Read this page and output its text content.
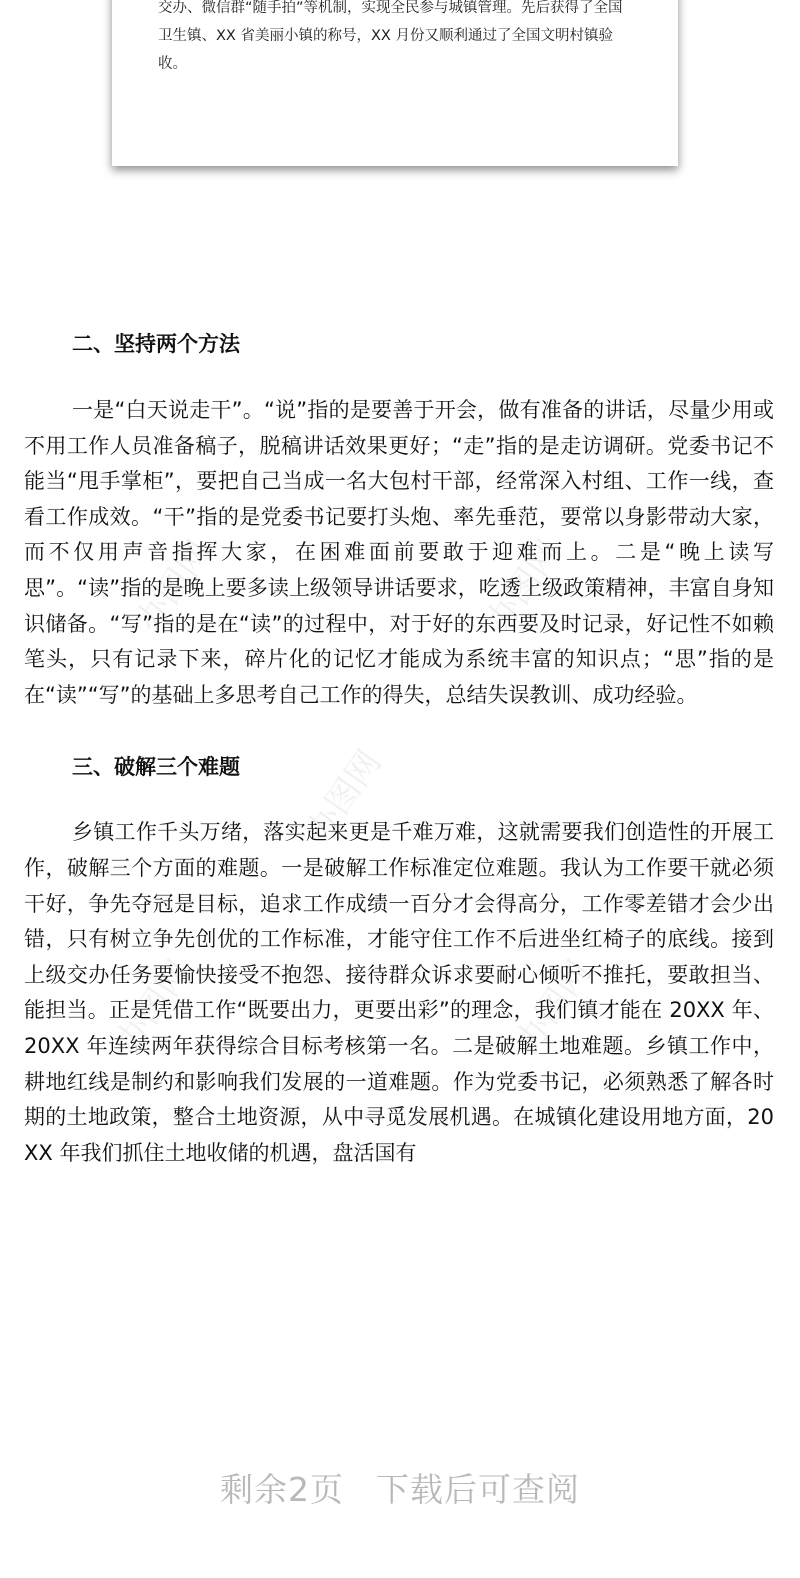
办图网	办图网
办图网
办图网	办图网

交办、微信群“随手拍”等机制，实现全民参与城镇管理。先后获得了全国卫生镇、XX 省美丽小镇的称号，XX 月份又顺利通过了全国文明村镇验收。

二、坚持两个方法

一是“白天说走干”。“说”指的是要善于开会，做有准备的讲话，尽量少用或不用工作人员准备稿子，脱稿讲话效果更好；“走”指的是走访调研。党委书记不能当“甩手掌柜”，要把自己当成一名大包村干部，经常深入村组、工作一线，查看工作成效。“干”指的是党委书记要打头炮、率先垂范，要常以身影带动大家，而不仅用声音指挥大家，在困难面前要敢于迎难而上。二是“晚上读写思”。“读”指的是晚上要多读上级领导讲话要求，吃透上级政策精神，丰富自身知识储备。“写”指的是在“读”的过程中，对于好的东西要及时记录，好记性不如赖笔头，只有记录下来，碎片化的记忆才能成为系统丰富的知识点；“思”指的是在“读”“写”的基础上多思考自己工作的得失，总结失误教训、成功经验。

三、破解三个难题

乡镇工作千头万绪，落实起来更是千难万难，这就需要我们创造性的开展工作，破解三个方面的难题。一是破解工作标准定位难题。我认为工作要干就必须干好，争先夺冠是目标，追求工作成绩一百分才会得高分，工作零差错才会少出错，只有树立争先创优的工作标准，才能守住工作不后进坐红椅子的底线。接到上级交办任务要愉快接受不抱怨、接待群众诉求要耐心倾听不推托，要敢担当、能担当。正是凭借工作“既要出力，更要出彩”的理念，我们镇才能在 20XX 年、20XX 年连续两年获得综合目标考核第一名。二是破解土地难题。乡镇工作中，耕地红线是制约和影响我们发展的一道难题。作为党委书记，必须熟悉了解各时期的土地政策，整合土地资源，从中寻觅发展机遇。在城镇化建设用地方面，20XX 年我们抓住土地收储的机遇，盘活国有

剩余2页 下载后可查阅
